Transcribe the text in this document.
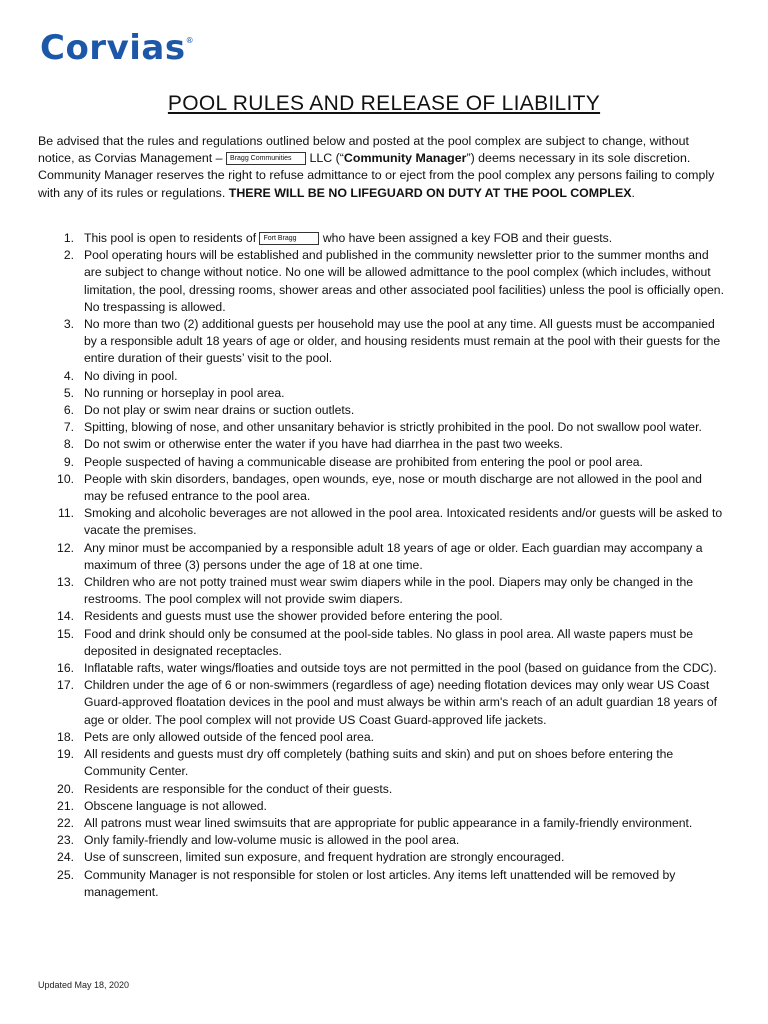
Corvias®
POOL RULES AND RELEASE OF LIABILITY
Be advised that the rules and regulations outlined below and posted at the pool complex are subject to change, without notice, as Corvias Management – Bragg Communities LLC (“Community Manager”) deems necessary in its sole discretion. Community Manager reserves the right to refuse admittance to or eject from the pool complex any persons failing to comply with any of its rules or regulations. THERE WILL BE NO LIFEGUARD ON DUTY AT THE POOL COMPLEX.
1. This pool is open to residents of Fort Bragg who have been assigned a key FOB and their guests.
2. Pool operating hours will be established and published in the community newsletter prior to the summer months and are subject to change without notice. No one will be allowed admittance to the pool complex (which includes, without limitation, the pool, dressing rooms, shower areas and other associated pool facilities) unless the pool is officially open. No trespassing is allowed.
3. No more than two (2) additional guests per household may use the pool at any time. All guests must be accompanied by a responsible adult 18 years of age or older, and housing residents must remain at the pool with their guests for the entire duration of their guests’ visit to the pool.
4. No diving in pool.
5. No running or horseplay in pool area.
6. Do not play or swim near drains or suction outlets.
7. Spitting, blowing of nose, and other unsanitary behavior is strictly prohibited in the pool. Do not swallow pool water.
8. Do not swim or otherwise enter the water if you have had diarrhea in the past two weeks.
9. People suspected of having a communicable disease are prohibited from entering the pool or pool area.
10. People with skin disorders, bandages, open wounds, eye, nose or mouth discharge are not allowed in the pool and may be refused entrance to the pool area.
11. Smoking and alcoholic beverages are not allowed in the pool area. Intoxicated residents and/or guests will be asked to vacate the premises.
12. Any minor must be accompanied by a responsible adult 18 years of age or older. Each guardian may accompany a maximum of three (3) persons under the age of 18 at one time.
13. Children who are not potty trained must wear swim diapers while in the pool. Diapers may only be changed in the restrooms. The pool complex will not provide swim diapers.
14. Residents and guests must use the shower provided before entering the pool.
15. Food and drink should only be consumed at the pool-side tables. No glass in pool area. All waste papers must be deposited in designated receptacles.
16. Inflatable rafts, water wings/floaties and outside toys are not permitted in the pool (based on guidance from the CDC).
17. Children under the age of 6 or non-swimmers (regardless of age) needing flotation devices may only wear US Coast Guard-approved floatation devices in the pool and must always be within arm's reach of an adult guardian 18 years of age or older. The pool complex will not provide US Coast Guard-approved life jackets.
18. Pets are only allowed outside of the fenced pool area.
19. All residents and guests must dry off completely (bathing suits and skin) and put on shoes before entering the Community Center.
20. Residents are responsible for the conduct of their guests.
21. Obscene language is not allowed.
22. All patrons must wear lined swimsuits that are appropriate for public appearance in a family-friendly environment.
23. Only family-friendly and low-volume music is allowed in the pool area.
24. Use of sunscreen, limited sun exposure, and frequent hydration are strongly encouraged.
25. Community Manager is not responsible for stolen or lost articles. Any items left unattended will be removed by management.
Updated May 18, 2020
